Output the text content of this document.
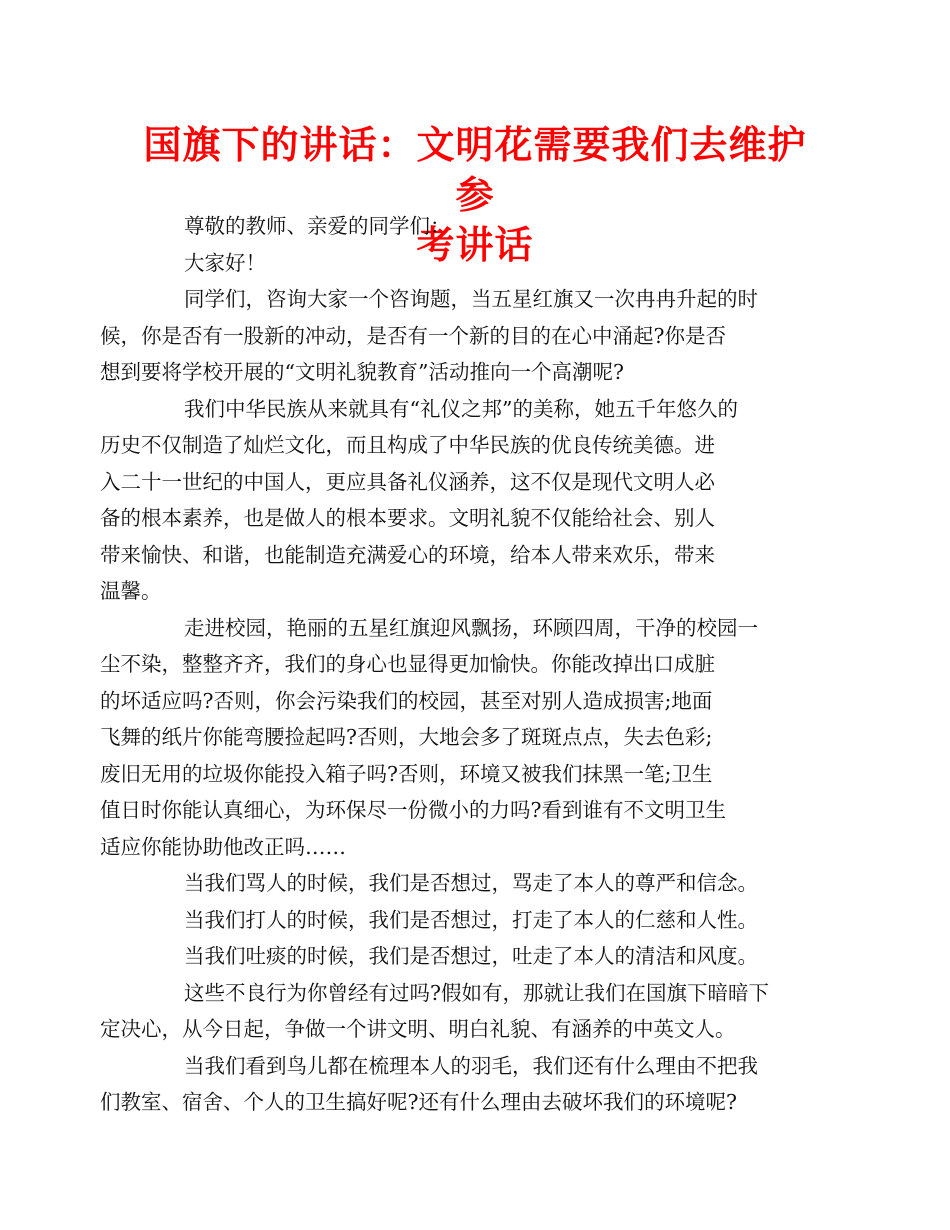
国旗下的讲话：文明花需要我们去维护参
考讲话

尊敬的教师、亲爱的同学们：

大家好！

同学们，咨询大家一个咨询题，当五星红旗又一次冉冉升起的时
候，你是否有一股新的冲动，是否有一个新的目的在心中涌起?你是否
想到要将学校开展的“文明礼貌教育”活动推向一个高潮呢?

我们中华民族从来就具有“礼仪之邦”的美称，她五千年悠久的
历史不仅制造了灿烂文化，而且构成了中华民族的优良传统美德。进
入二十一世纪的中国人，更应具备礼仪涵养，这不仅是现代文明人必
备的根本素养，也是做人的根本要求。文明礼貌不仅能给社会、别人
带来愉快、和谐，也能制造充满爱心的环境，给本人带来欢乐，带来
温馨。

走进校园，艳丽的五星红旗迎风飘扬，环顾四周，干净的校园一
尘不染，整整齐齐，我们的身心也显得更加愉快。你能改掉出口成脏
的坏适应吗?否则，你会污染我们的校园，甚至对别人造成损害;地面
飞舞的纸片你能弯腰捡起吗?否则，大地会多了斑斑点点，失去色彩;
废旧无用的垃圾你能投入箱子吗?否则，环境又被我们抹黑一笔;卫生
值日时你能认真细心，为环保尽一份微小的力吗?看到谁有不文明卫生
适应你能协助他改正吗……

当我们骂人的时候，我们是否想过，骂走了本人的尊严和信念。

当我们打人的时候，我们是否想过，打走了本人的仁慈和人性。

当我们吐痰的时候，我们是否想过，吐走了本人的清洁和风度。

这些不良行为你曾经有过吗?假如有，那就让我们在国旗下暗暗下
定决心，从今日起，争做一个讲文明、明白礼貌、有涵养的中英文人。

当我们看到鸟儿都在梳理本人的羽毛，我们还有什么理由不把我
们教室、宿舍、个人的卫生搞好呢?还有什么理由去破坏我们的环境呢?
